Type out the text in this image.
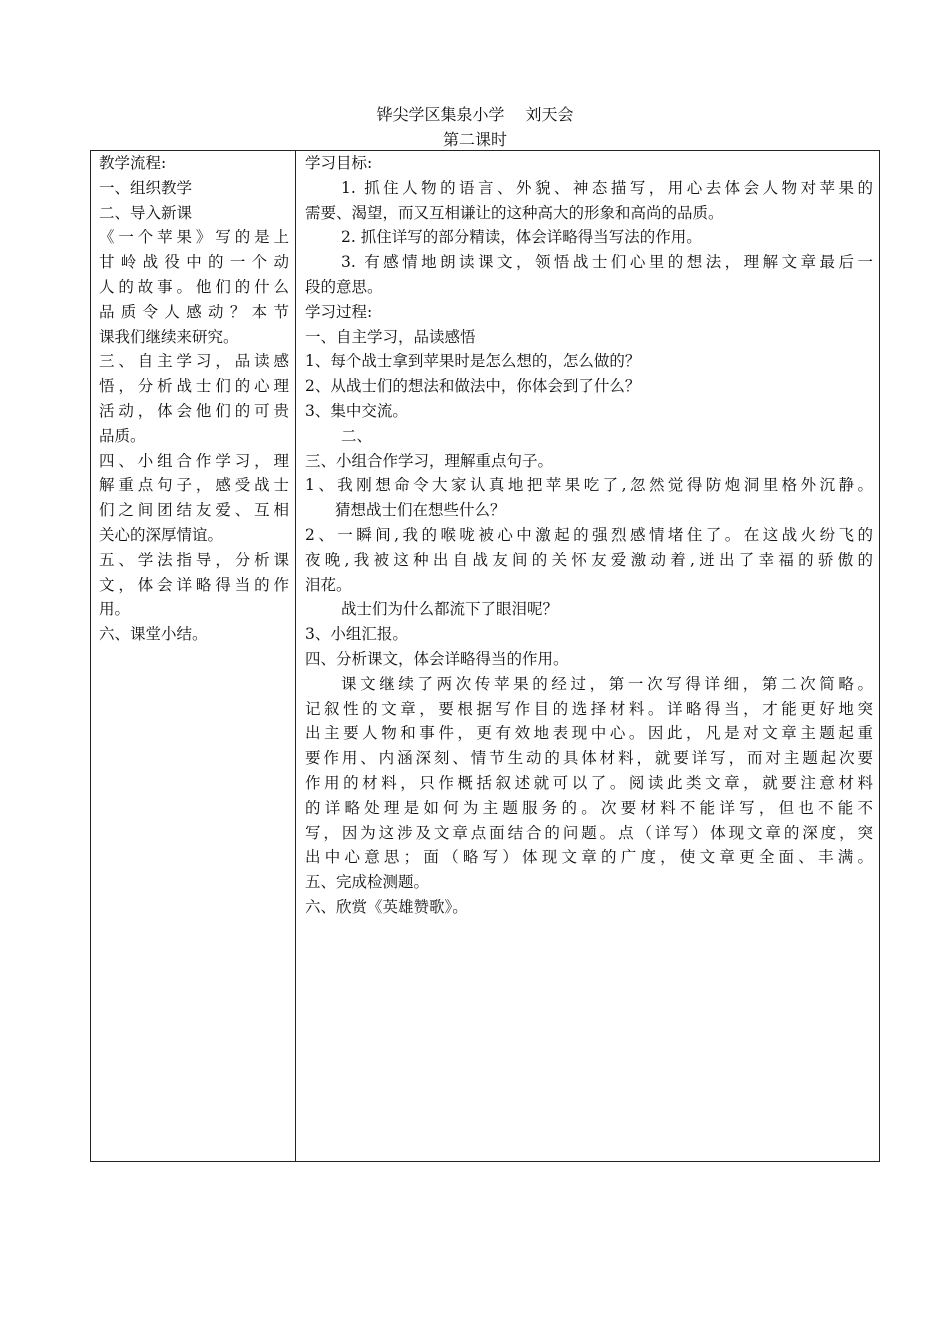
铧尖学区集泉小学　 刘天会
第二课时
教学流程:
一、组织教学
二、导入新课
《一个苹果》写的是上
甘岭战役中的一个动
人的故事。他们的什么
品质令人感动？本节
课我们继续来研究。
三、自主学习，品读感
悟，分析战士们的心理
活动，体会他们的可贵
品质。
四、小组合作学习，理
解重点句子，感受战士
们之间团结友爱、互相
关心的深厚情谊。
五、学法指导，分析课
文，体会详略得当的作
用。
六、课堂小结。
学习目标:
1. 抓住人物的语言、外貌、神态描写，用心去体会人物对苹果的
需要、渴望，而又互相谦让的这种高大的形象和高尚的品质。
2. 抓住详写的部分精读，体会详略得当写法的作用。
3. 有感情地朗读课文，领悟战士们心里的想法，理解文章最后一
段的意思。
学习过程:
一、自主学习，品读感悟
1、每个战士拿到苹果时是怎么想的，怎么做的？
2、从战士们的想法和做法中，你体会到了什么？
3、集中交流。
二、
三、小组合作学习，理解重点句子。
1、我刚想命令大家认真地把苹果吃了,忽然觉得防炮洞里格外沉静。
猜想战士们在想些什么？
2、一瞬间,我的喉咙被心中激起的强烈感情堵住了。在这战火纷飞的
夜晚,我被这种出自战友间的关怀友爱激动着,迸出了幸福的骄傲的
泪花。
战士们为什么都流下了眼泪呢？
3、小组汇报。
四、分析课文，体会详略得当的作用。
课文继续了两次传苹果的经过，第一次写得详细，第二次简略。
记叙性的文章，要根据写作目的选择材料。详略得当，才能更好地突
出主要人物和事件，更有效地表现中心。因此，凡是对文章主题起重
要作用、内涵深刻、情节生动的具体材料，就要详写，而对主题起次要
作用的材料，只作概括叙述就可以了。阅读此类文章，就要注意材料
的详略处理是如何为主题服务的。次要材料不能详写，但也不能不
写，因为这涉及文章点面结合的问题。点（详写）体现文章的深度，突
出中心意思；面（略写）体现文章的广度，使文章更全面、丰满。
五、完成检测题。
六、欣赏《英雄赞歌》。
